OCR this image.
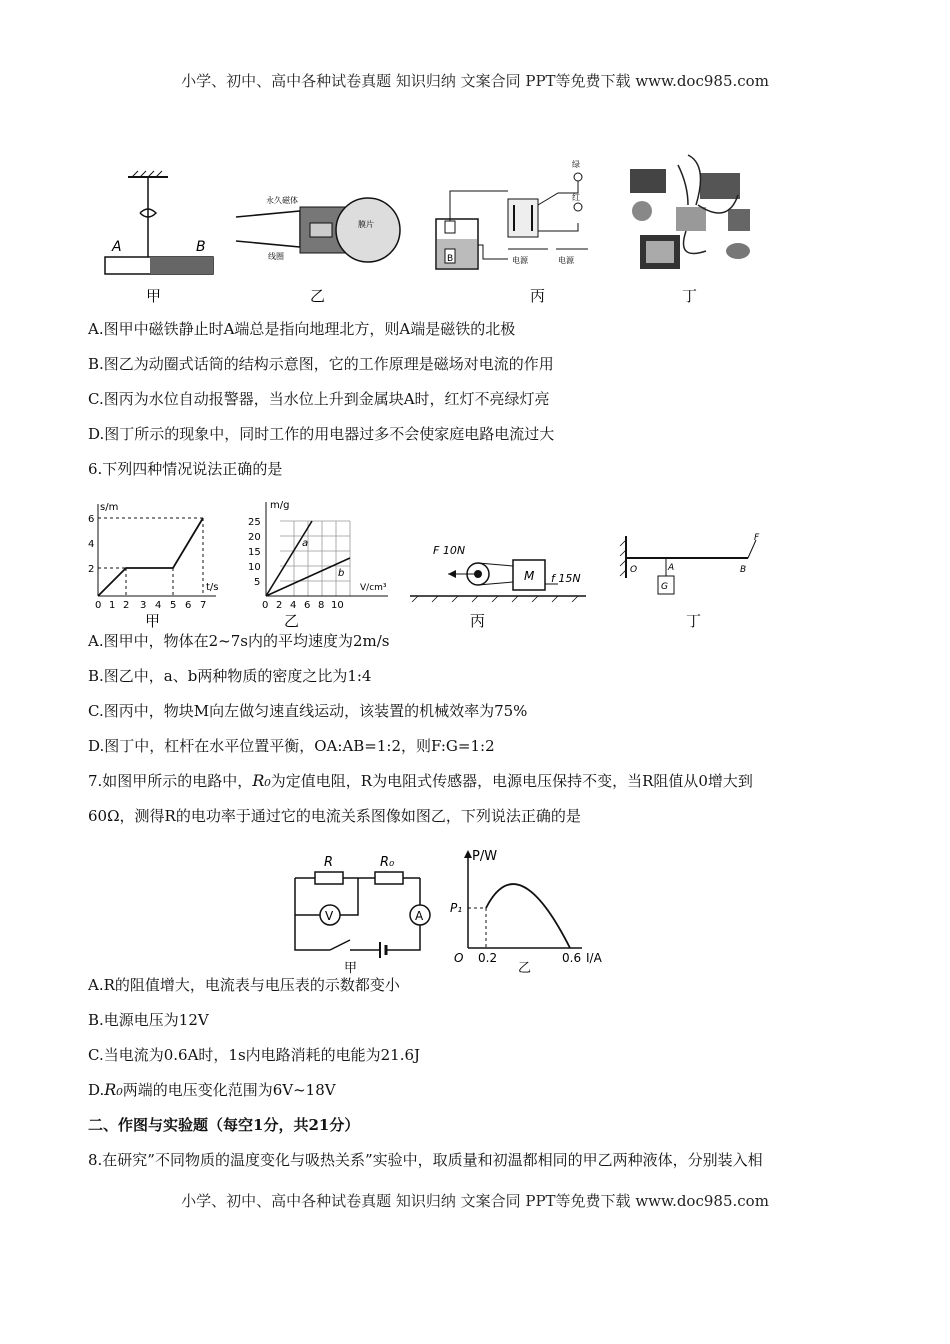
小学、初中、高中各种试卷真题 知识归纳 文案合同 PPT等免费下载 www.doc985.com
A	B
永久磁体
线圈
膜片
B
绿
红
电源	电源
甲	乙	丙	丁
A.图甲中磁铁静止时A端总是指向地理北方，则A端是磁铁的北极
B.图乙为动圈式话筒的结构示意图，它的工作原理是磁场对电流的作用
C.图丙为水位自动报警器，当水位上升到金属块A时，红灯不亮绿灯亮
D.图丁所示的现象中，同时工作的用电器过多不会使家庭电路电流过大
6.下列四种情况说法正确的是
s/m
t/s
6
4
2
0 1 2 3 4 5 6 7
甲
a
b
m/g
V/cm³
25
20
15
10
5
0 2 4 6 8 10
乙
M
F 10N
f 15N
丙
G
F
O	A	B
丁
A.图甲中，物体在2~7s内的平均速度为2m/s
B.图乙中，a、b两种物质的密度之比为1:4
C.图丙中，物块M向左做匀速直线运动，该装置的机械效率为75%
D.图丁中，杠杆在水平位置平衡，OA:AB=1:2，则F:G=1:2
7.如图甲所示的电路中，R₀为定值电阻，R为电阻式传感器，电源电压保持不变，当R阻值从0增大到
60Ω，测得R的电功率于通过它的电流关系图像如图乙，下列说法正确的是
R	R₀
V	A
甲
P/W
P₁
O 0.2	0.6 I/A
乙
A.R的阻值增大，电流表与电压表的示数都变小
B.电源电压为12V
C.当电流为0.6A时，1s内电路消耗的电能为21.6J
D.R₀两端的电压变化范围为6V~18V
二、作图与实验题（每空1分，共21分）
8.在研究”不同物质的温度变化与吸热关系”实验中，取质量和初温都相同的甲乙两种液体，分别装入相
小学、初中、高中各种试卷真题 知识归纳 文案合同 PPT等免费下载 www.doc985.com
